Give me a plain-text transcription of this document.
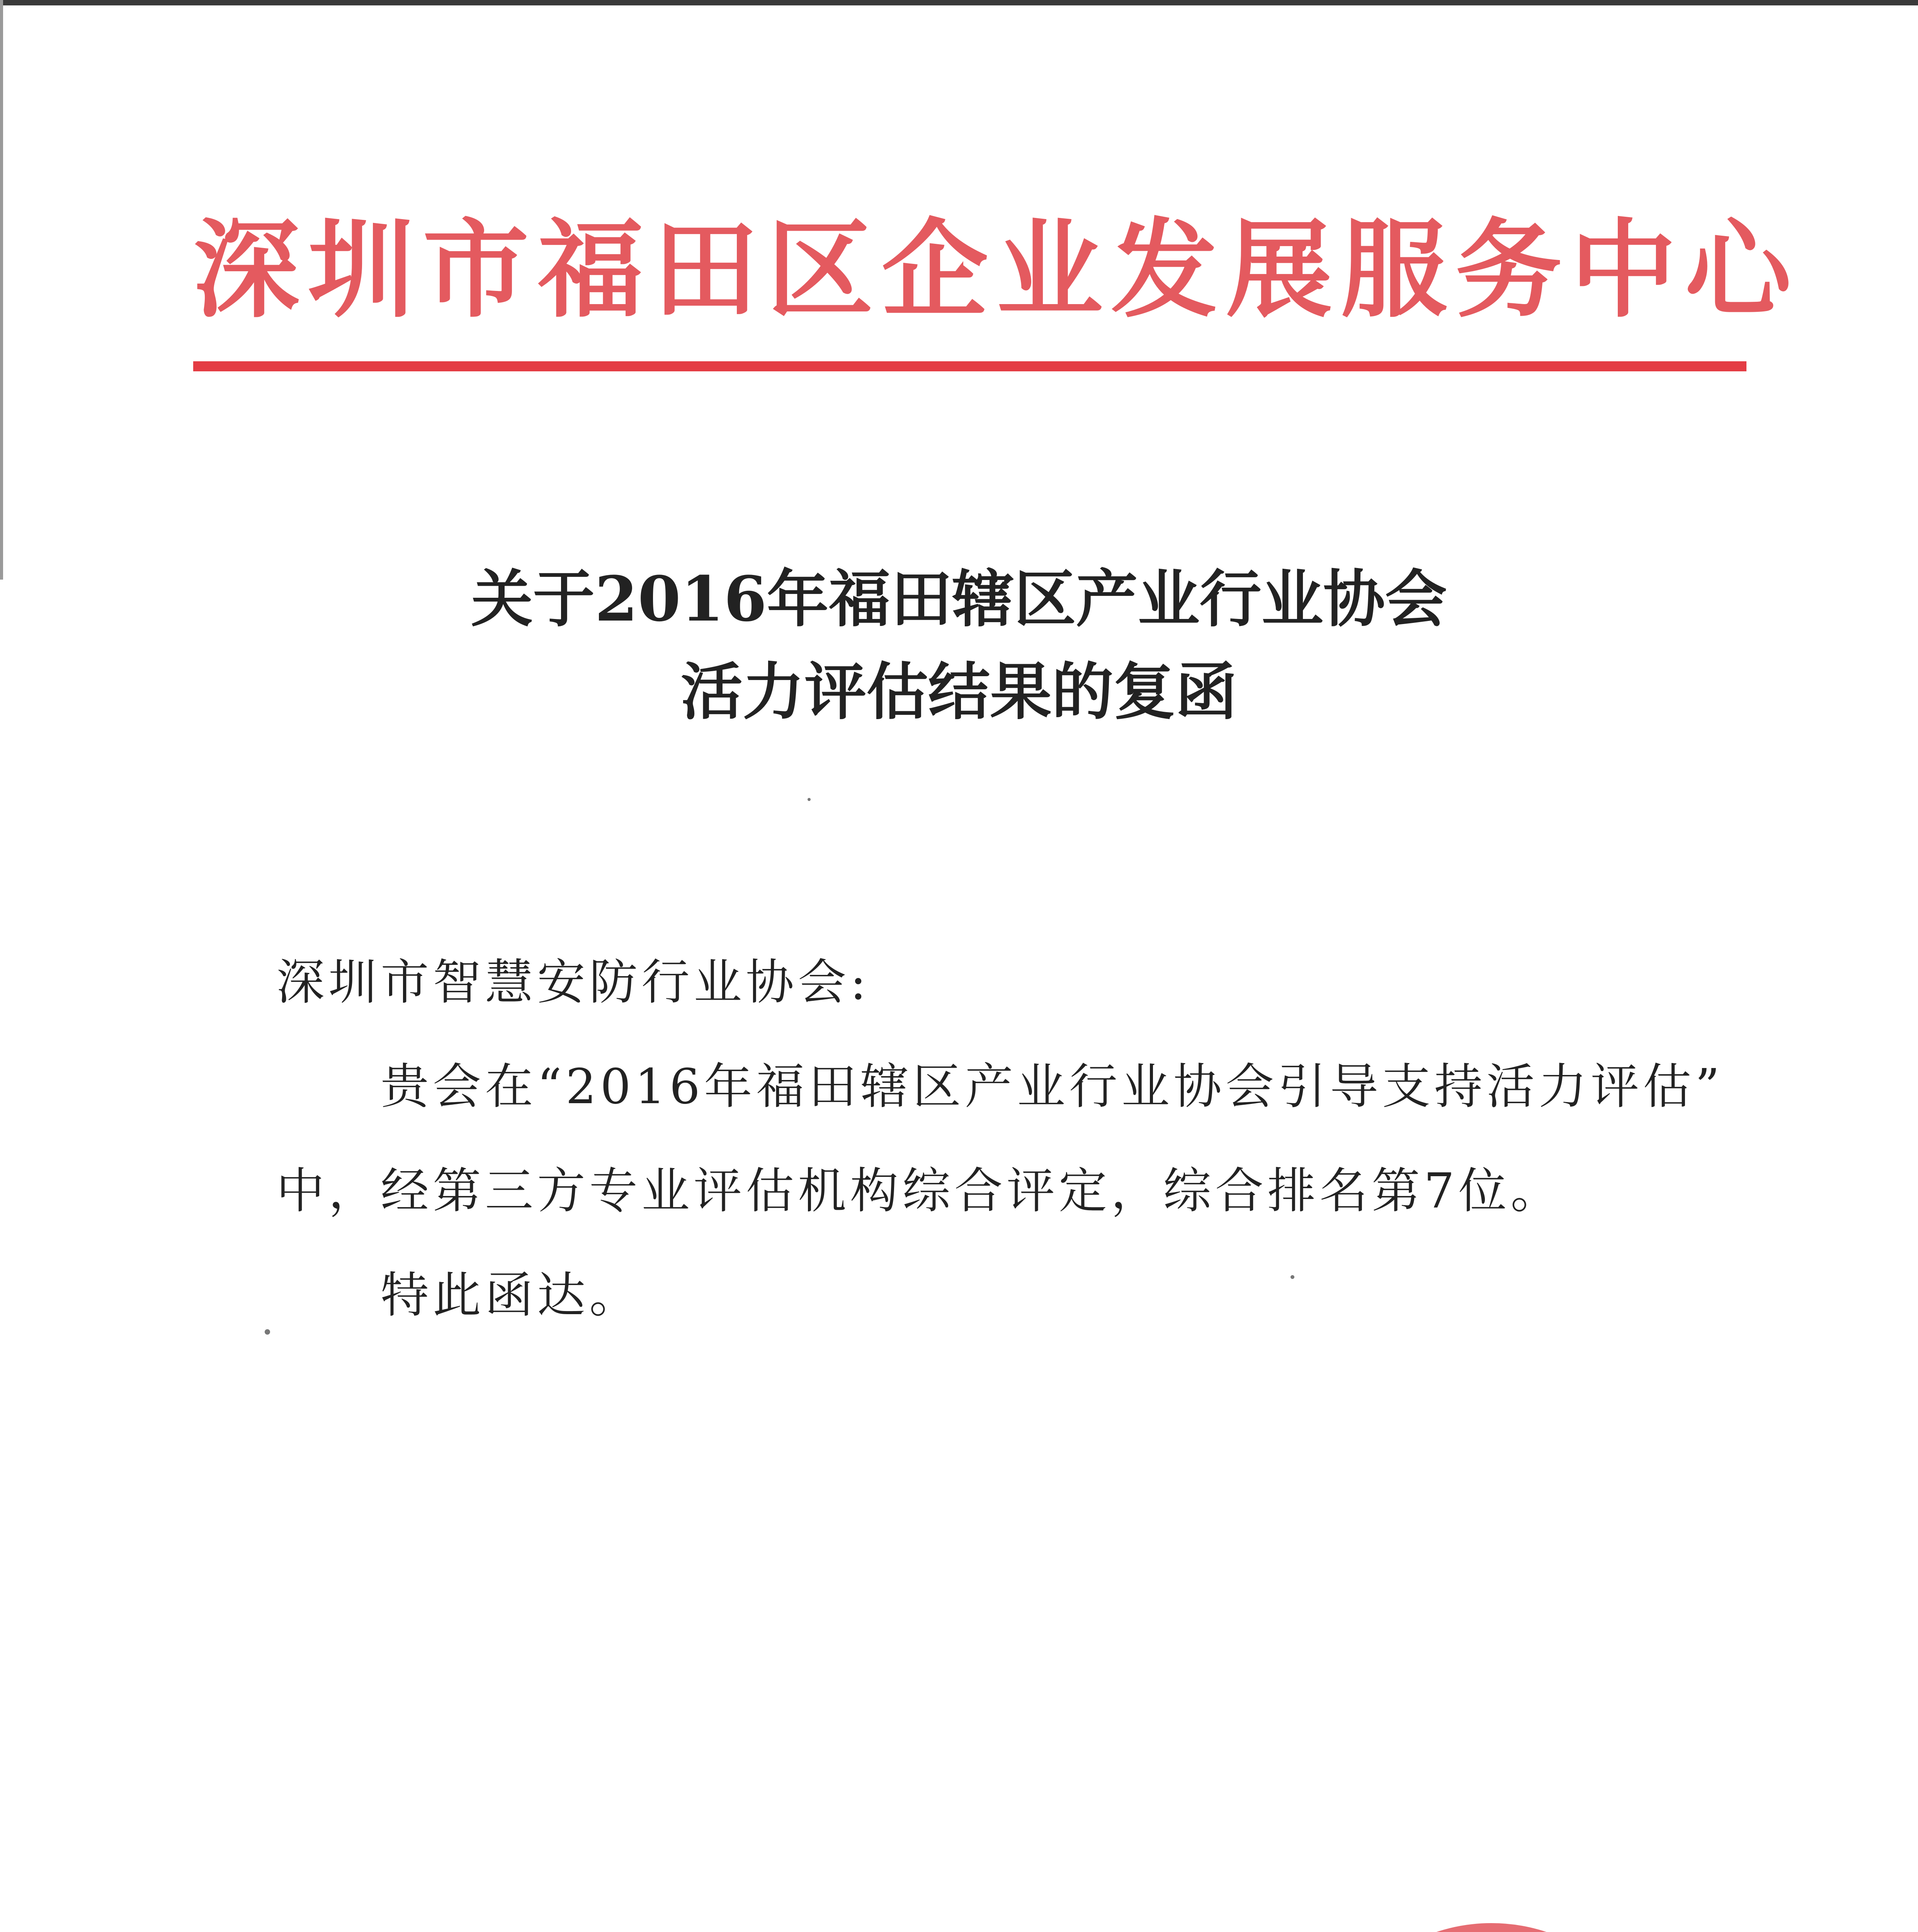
深圳市福田区企业发展服务中心
关于2016年福田辖区产业行业协会
活力评估结果的复函
深圳市智慧安防行业协会:
贵会在“2016年福田辖区产业行业协会引导支持活力评估”
中，经第三方专业评估机构综合评定，综合排名第7位。
特此函达。
